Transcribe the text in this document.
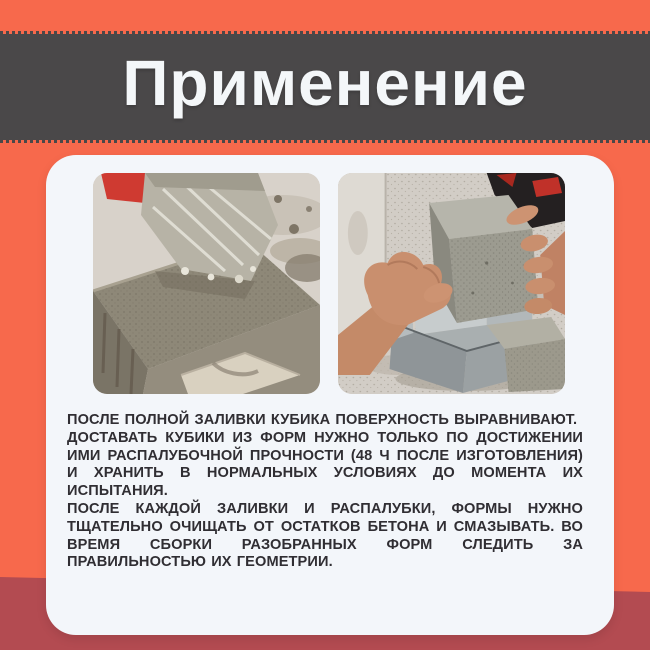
Применение

ПОСЛЕ ПОЛНОЙ ЗАЛИВКИ КУБИКА ПОВЕРХНОСТЬ ВЫРАВНИВАЮТ.

ДОСТАВАТЬ КУБИКИ ИЗ ФОРМ НУЖНО ТОЛЬКО ПО ДОСТИЖЕНИИ ИМИ РАСПАЛУБОЧНОЙ ПРОЧНОСТИ (48 Ч ПОСЛЕ ИЗГОТОВЛЕНИЯ) И ХРАНИТЬ В НОРМАЛЬНЫХ УСЛОВИЯХ ДО МОМЕНТА ИХ ИСПЫТАНИЯ.

ПОСЛЕ КАЖДОЙ ЗАЛИВКИ И РАСПАЛУБКИ, ФОРМЫ НУЖНО ТЩАТЕЛЬНО ОЧИЩАТЬ ОТ ОСТАТКОВ БЕТОНА И СМАЗЫВАТЬ. ВО ВРЕМЯ СБОРКИ РАЗОБРАННЫХ ФОРМ СЛЕДИТЬ ЗА ПРАВИЛЬНОСТЬЮ ИХ ГЕОМЕТРИИ.
